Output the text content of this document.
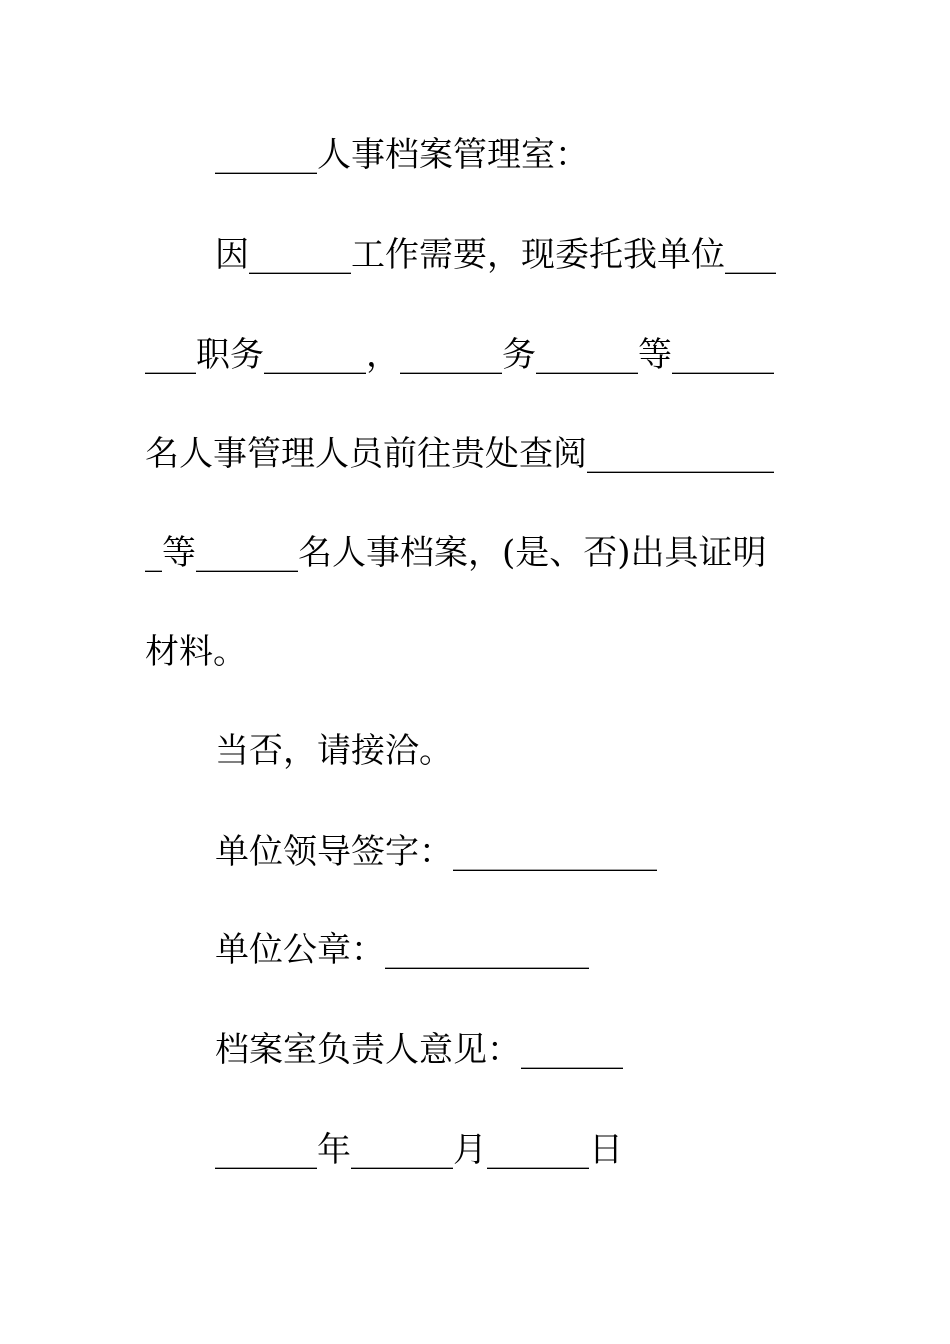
______人事档案管理室：
因______工作需要，现委托我单位___
___职务______，______务______等______
名人事管理人员前往贵处查阅___________
_等______名人事档案，(是、否)出具证明
材料。
当否，请接洽。
单位领导签字：____________
单位公章：____________
档案室负责人意见：______
______年______月______日
